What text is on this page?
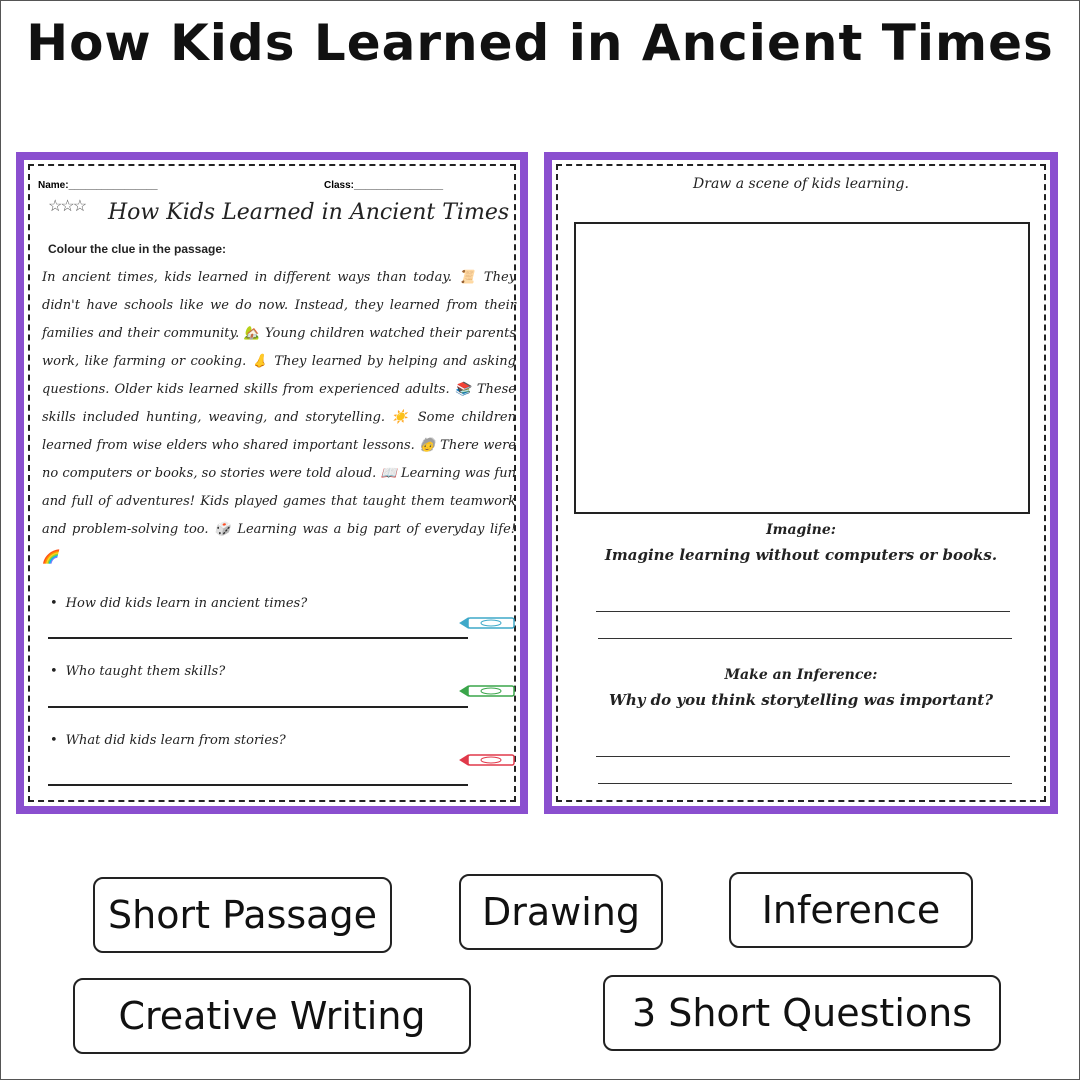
How Kids Learned in Ancient Times
Name:________________	Class:________________
☆☆☆ How Kids Learned in Ancient Times
Colour the clue in the passage:
In ancient times, kids learned in different ways than today. 📜 They didn't have schools like we do now. Instead, they learned from their families and their community. 🏡 Young children watched their parents work, like farming or cooking. 👃 They learned by helping and asking questions. Older kids learned skills from experienced adults. 📚 These skills included hunting, weaving, and storytelling. ☀️ Some children learned from wise elders who shared important lessons. 🧓 There were no computers or books, so stories were told aloud. 📖 Learning was fun and full of adventures! Kids played games that taught them teamwork and problem-solving too. 🎲 Learning was a big part of everyday life! 🌈
• How did kids learn in ancient times?
• Who taught them skills?
• What did kids learn from stories?
Draw a scene of kids learning.
Imagine:
Imagine learning without computers or books.
Make an Inference:
Why do you think storytelling was important?
Short Passage	Drawing	Inference
Creative Writing	3 Short Questions
